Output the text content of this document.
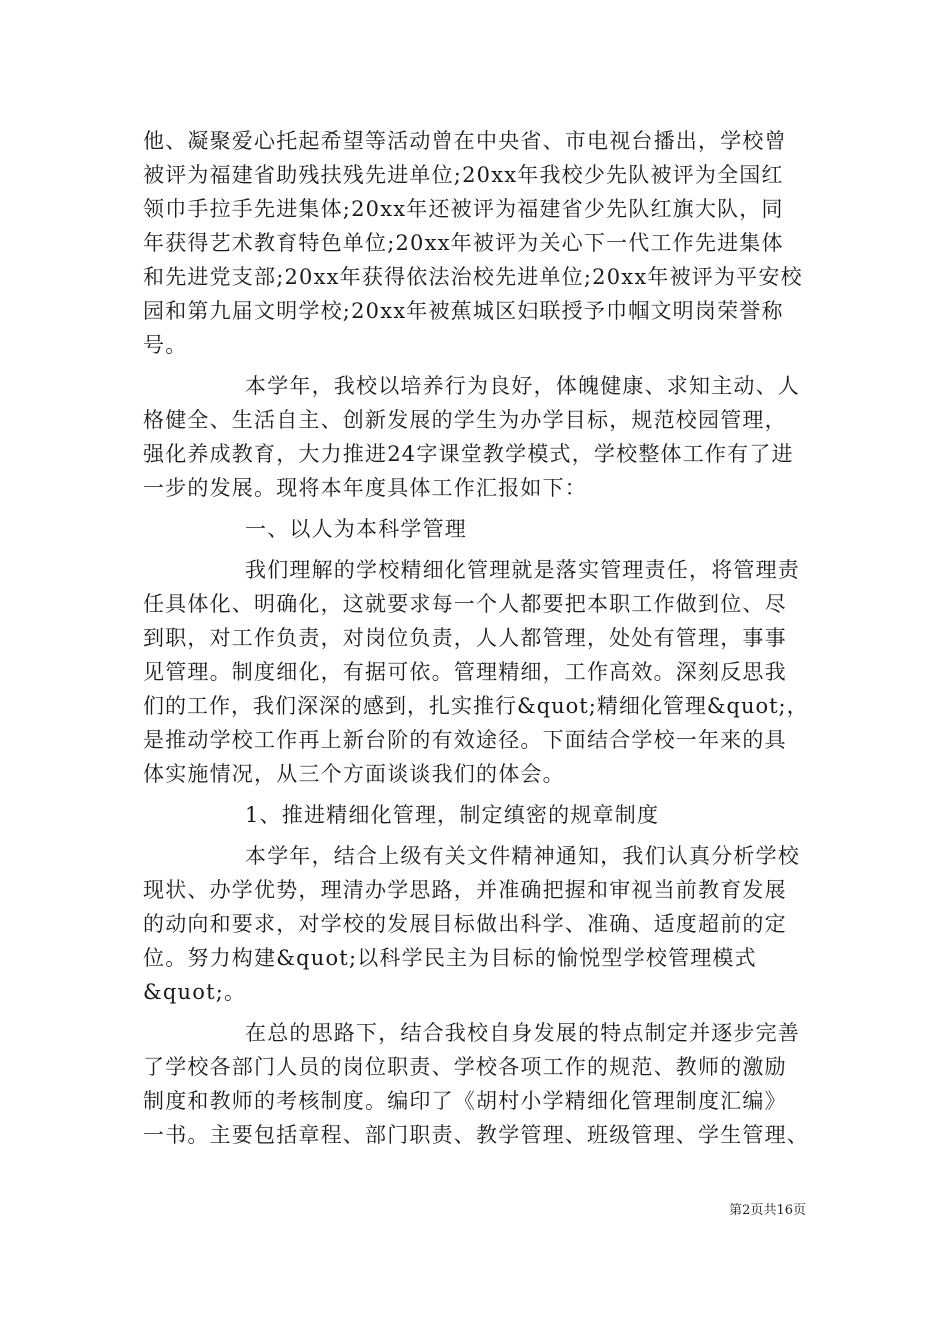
他、凝聚爱心托起希望等活动曾在中央省、市电视台播出，学校曾
被评为福建省助残扶残先进单位;20xx年我校少先队被评为全国红
领巾手拉手先进集体;20xx年还被评为福建省少先队红旗大队，同
年获得艺术教育特色单位;20xx年被评为关心下一代工作先进集体
和先进党支部;20xx年获得依法治校先进单位;20xx年被评为平安校
园和第九届文明学校;20xx年被蕉城区妇联授予巾帼文明岗荣誉称
号。
本学年，我校以培养行为良好，体魄健康、求知主动、人
格健全、生活自主、创新发展的学生为办学目标，规范校园管理，
强化养成教育，大力推进24字课堂教学模式，学校整体工作有了进
一步的发展。现将本年度具体工作汇报如下：
一、以人为本科学管理
我们理解的学校精细化管理就是落实管理责任，将管理责
任具体化、明确化，这就要求每一个人都要把本职工作做到位、尽
到职，对工作负责，对岗位负责，人人都管理，处处有管理，事事
见管理。制度细化，有据可依。管理精细，工作高效。深刻反思我
们的工作，我们深深的感到，扎实推行&quot;精细化管理&quot;，
是推动学校工作再上新台阶的有效途径。下面结合学校一年来的具
体实施情况，从三个方面谈谈我们的体会。
1、推进精细化管理，制定缜密的规章制度
本学年，结合上级有关文件精神通知，我们认真分析学校
现状、办学优势，理清办学思路，并准确把握和审视当前教育发展
的动向和要求，对学校的发展目标做出科学、准确、适度超前的定
位。努力构建&quot;以科学民主为目标的愉悦型学校管理模式
&quot;。
在总的思路下，结合我校自身发展的特点制定并逐步完善
了学校各部门人员的岗位职责、学校各项工作的规范、教师的激励
制度和教师的考核制度。编印了《胡村小学精细化管理制度汇编》
一书。主要包括章程、部门职责、教学管理、班级管理、学生管理、
第2页共16页
